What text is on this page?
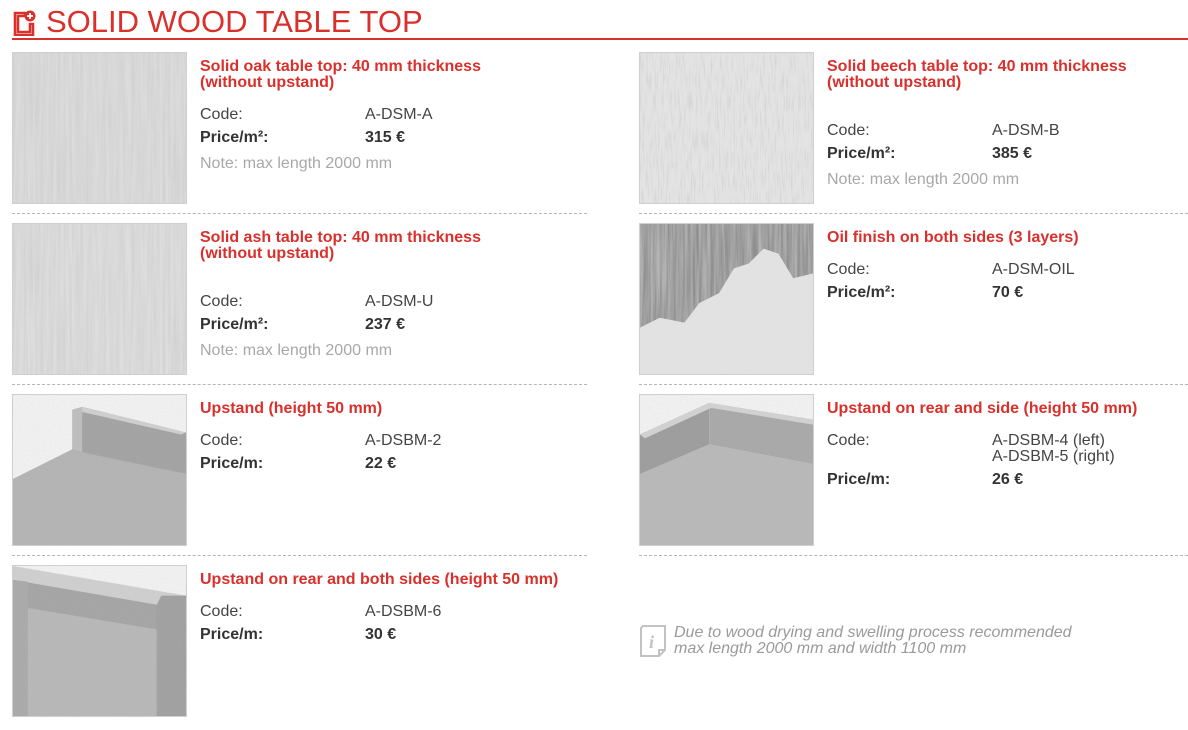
SOLID WOOD TABLE TOP
Solid oak table top: 40 mm thickness
(without upstand)
Code:	A-DSM-A
Price/m²:	315 €
Note: max length 2000 mm
Solid beech table top: 40 mm thickness
(without upstand)
Code:	A-DSM-B
Price/m²:	385 €
Note: max length 2000 mm
Solid ash table top: 40 mm thickness
(without upstand)
Code:	A-DSM-U
Price/m²:	237 €
Note: max length 2000 mm
Oil finish on both sides (3 layers)
Code:	A-DSM-OIL
Price/m²:	70 €
Upstand (height 50 mm)
Code:	A-DSBM-2
Price/m:	22 €
Upstand on rear and side (height 50 mm)
Code:	A-DSBM-4 (left)
A-DSBM-5 (right)
Price/m:	26 €
Upstand on rear and both sides (height 50 mm)
Code:	A-DSBM-6
Price/m:	30 €	i Due to wood drying and swelling process recommended
max length 2000 mm and width 1100 mm
